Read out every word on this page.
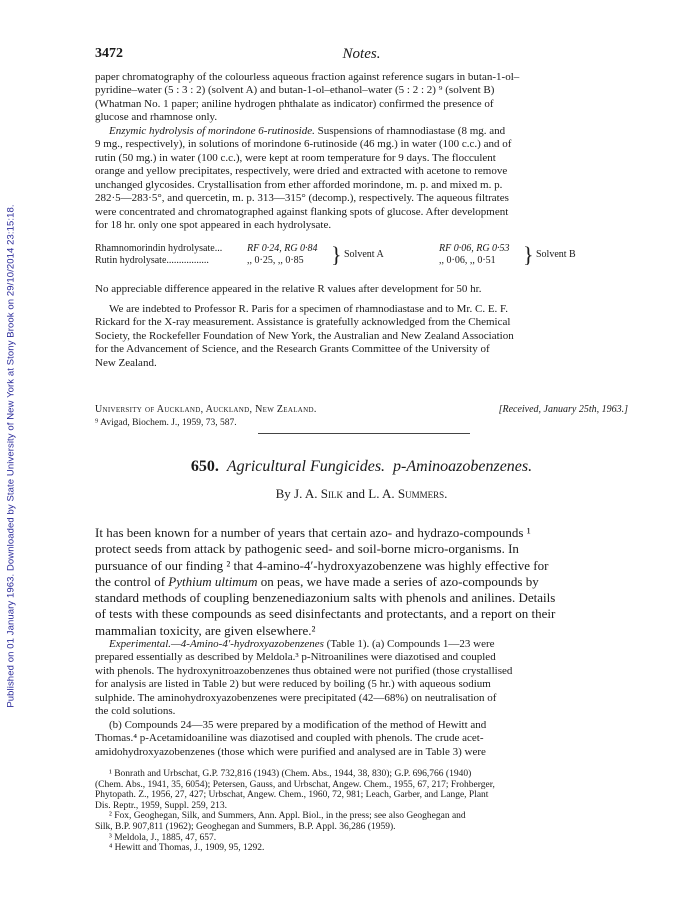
Published on 01 January 1963. Downloaded by State University of New York at Stony Brook on 29/10/2014 23:15:18.
3472	Notes.

paper chromatography of the colourless aqueous fraction against reference sugars in butan-1-ol–

pyridine–water (5 : 3 : 2) (solvent A) and butan-1-ol–ethanol–water (5 : 2 : 2) ⁹ (solvent B)

(Whatman No. 1 paper; aniline hydrogen phthalate as indicator) confirmed the presence of

glucose and rhamnose only.

Enzymic hydrolysis of morindone 6-rutinoside. Suspensions of rhamnodiastase (8 mg. and

9 mg., respectively), in solutions of morindone 6-rutinoside (46 mg.) in water (100 c.c.) and of

rutin (50 mg.) in water (100 c.c.), were kept at room temperature for 9 days. The flocculent

orange and yellow precipitates, respectively, were dried and extracted with acetone to remove

unchanged glycosides. Crystallisation from ether afforded morindone, m. p. and mixed m. p.

282·5—283·5°, and quercetin, m. p. 313—315° (decomp.), respectively. The aqueous filtrates

were concentrated and chromatographed against flanking spots of glucose. After development

for 18 hr. only one spot appeared in each hydrolysate.

Rhamnomorindin hydrolysate...
Rutin hydrolysate.................
RF 0·24, RG 0·84
,, 0·25, ,, 0·85 } Solvent A
RF 0·06, RG 0·53
,, 0·06, ,, 0·51 } Solvent B

No appreciable difference appeared in the relative R values after development for 50 hr.

We are indebted to Professor R. Paris for a specimen of rhamnodiastase and to Mr. C. E. F.

Rickard for the X-ray measurement. Assistance is gratefully acknowledged from the Chemical

Society, the Rockefeller Foundation of New York, the Australian and New Zealand Association

for the Advancement of Science, and the Research Grants Committee of the University of

New Zealand.

University of Auckland, Auckland, New Zealand.	[Received, January 25th, 1963.]

⁹ Avigad, Biochem. J., 1959, 73, 587.

650. Agricultural Fungicides. p-Aminoazobenzenes.
By J. A. Silk and L. A. Summers.

It has been known for a number of years that certain azo- and hydrazo-compounds ¹

protect seeds from attack by pathogenic seed- and soil-borne micro-organisms. In

pursuance of our finding ² that 4-amino-4′-hydroxyazobenzene was highly effective for

the control of Pythium ultimum on peas, we have made a series of azo-compounds by

standard methods of coupling benzenediazonium salts with phenols and anilines. Details

of tests with these compounds as seed disinfectants and protectants, and a report on their

mammalian toxicity, are given elsewhere.²

Experimental.—4-Amino-4′-hydroxyazobenzenes (Table 1). (a) Compounds 1—23 were

prepared essentially as described by Meldola.³ p-Nitroanilines were diazotised and coupled

with phenols. The hydroxynitroazobenzenes thus obtained were not purified (those crystallised

for analysis are listed in Table 2) but were reduced by boiling (5 hr.) with aqueous sodium

sulphide. The aminohydroxyazobenzenes were precipitated (42—68%) on neutralisation of

the cold solutions.

(b) Compounds 24—35 were prepared by a modification of the method of Hewitt and

Thomas.⁴ p-Acetamidoaniline was diazotised and coupled with phenols. The crude acet-

amidohydroxyazobenzenes (those which were purified and analysed are in Table 3) were

¹ Bonrath and Urbschat, G.P. 732,816 (1943) (Chem. Abs., 1944, 38, 830); G.P. 696,766 (1940)

(Chem. Abs., 1941, 35, 6054); Petersen, Gauss, and Urbschat, Angew. Chem., 1955, 67, 217; Frohberger,

Phytopath. Z., 1956, 27, 427; Urbschat, Angew. Chem., 1960, 72, 981; Leach, Garber, and Lange, Plant

Dis. Reptr., 1959, Suppl. 259, 213.

² Fox, Geoghegan, Silk, and Summers, Ann. Appl. Biol., in the press; see also Geoghegan and

Silk, B.P. 907,811 (1962); Geoghegan and Summers, B.P. Appl. 36,286 (1959).

³ Meldola, J., 1885, 47, 657.

⁴ Hewitt and Thomas, J., 1909, 95, 1292.
